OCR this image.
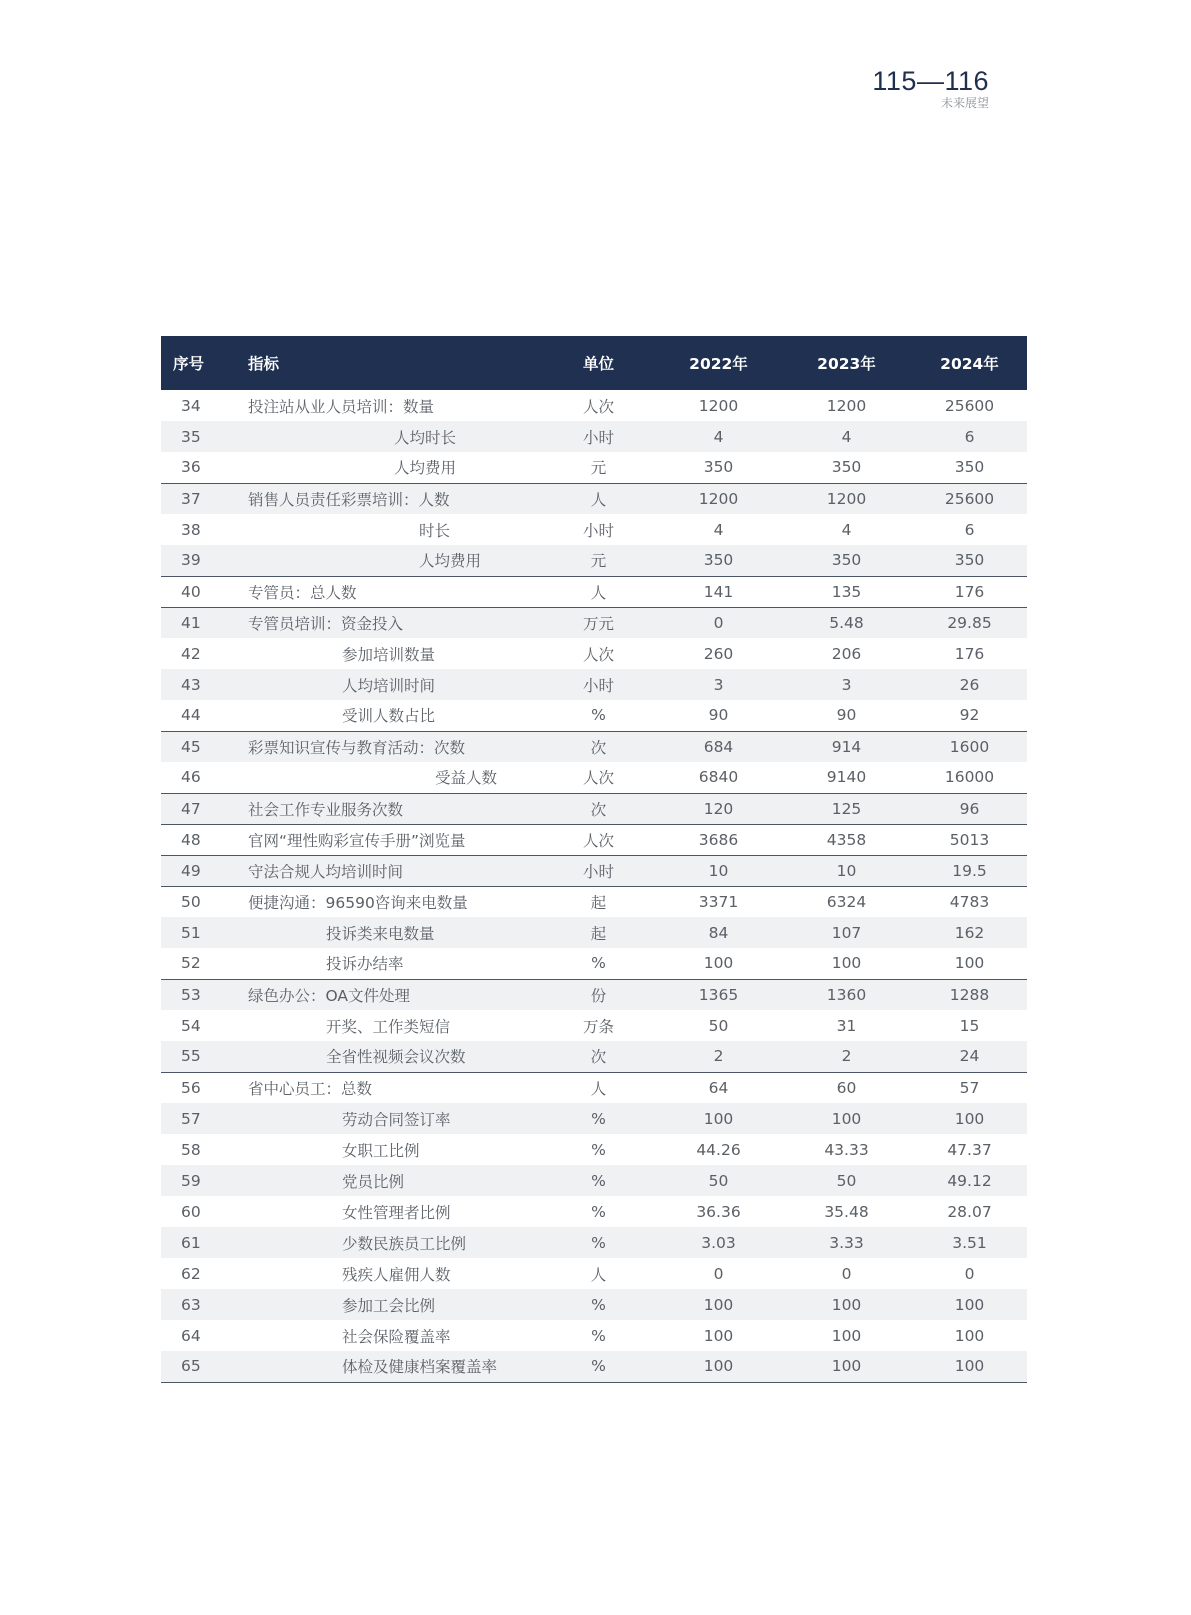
115—116
未来展望
序号	指标	单位	2022年	2023年	2024年
34	投注站从业人员培训：数量	人次	1200	1200	25600
35	人均时长	小时	4	4	6
36	人均费用	元	350	350	350
37	销售人员责任彩票培训：人数	人	1200	1200	25600
38	时长	小时	4	4	6
39	人均费用	元	350	350	350
40	专管员：总人数	人	141	135	176
41	专管员培训：资金投入	万元	0	5.48	29.85
42	参加培训数量	人次	260	206	176
43	人均培训时间	小时	3	3	26
44	受训人数占比	%	90	90	92
45	彩票知识宣传与教育活动：次数	次	684	914	1600
46	受益人数	人次	6840	9140	16000
47	社会工作专业服务次数	次	120	125	96
48	官网“理性购彩宣传手册”浏览量	人次	3686	4358	5013
49	守法合规人均培训时间	小时	10	10	19.5
50	便捷沟通：96590咨询来电数量	起	3371	6324	4783
51	投诉类来电数量	起	84	107	162
52	投诉办结率	%	100	100	100
53	绿色办公：OA文件处理	份	1365	1360	1288
54	开奖、工作类短信	万条	50	31	15
55	全省性视频会议次数	次	2	2	24
56	省中心员工：总数	人	64	60	57
57	劳动合同签订率	%	100	100	100
58	女职工比例	%	44.26	43.33	47.37
59	党员比例	%	50	50	49.12
60	女性管理者比例	%	36.36	35.48	28.07
61	少数民族员工比例	%	3.03	3.33	3.51
62	残疾人雇佣人数	人	0	0	0
63	参加工会比例	%	100	100	100
64	社会保险覆盖率	%	100	100	100
65	体检及健康档案覆盖率	%	100	100	100
